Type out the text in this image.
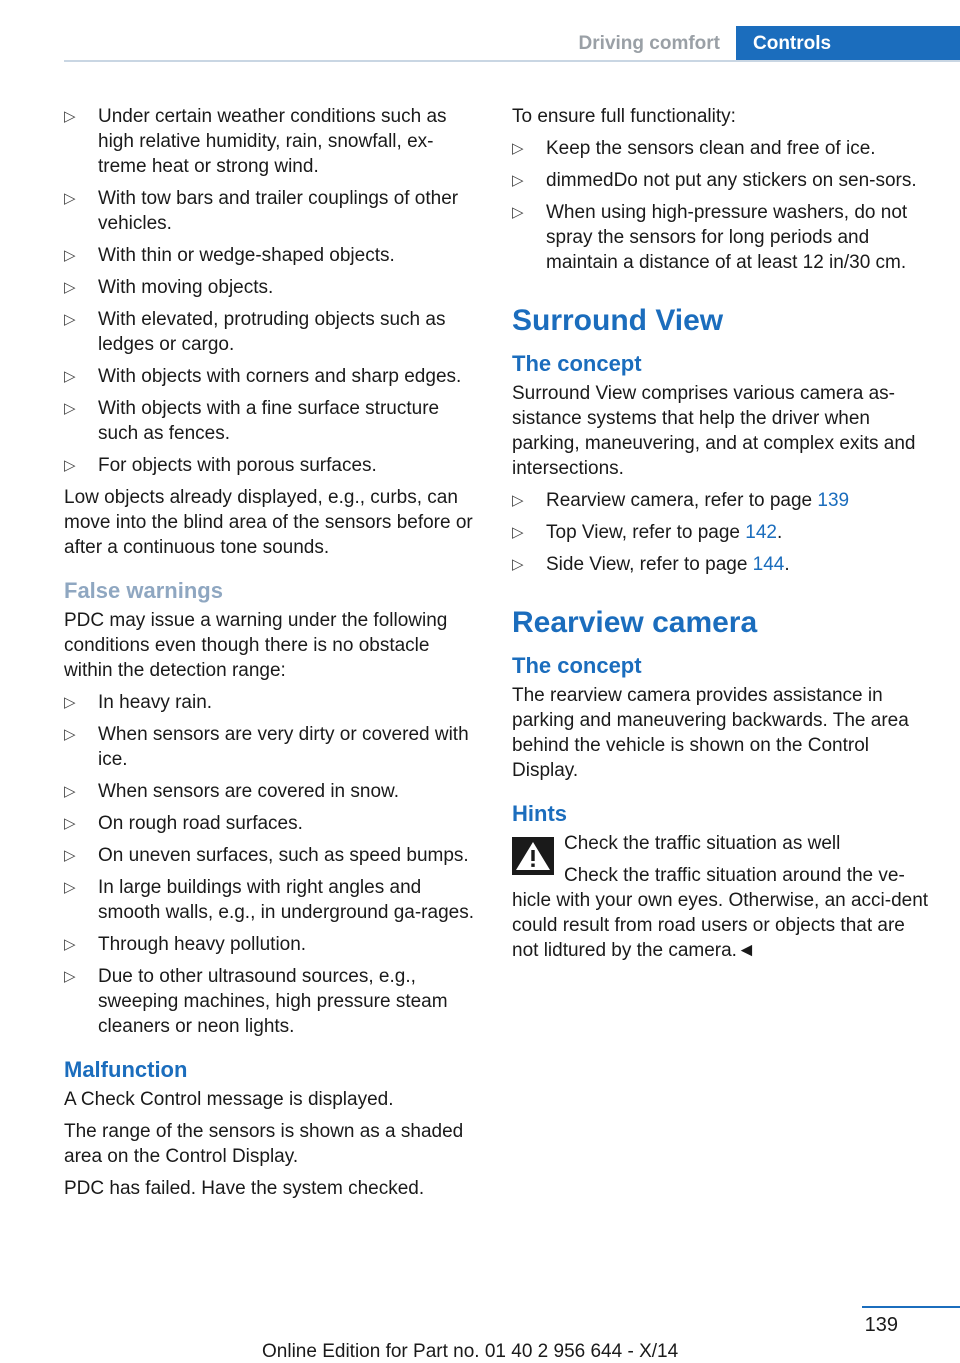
Driving comfort	Controls
▷ Under certain weather conditions such as high relative humidity, rain, snowfall, ex-treme heat or strong wind.
▷ With tow bars and trailer couplings of other vehicles.
▷ With thin or wedge-shaped objects.
▷ With moving objects.
▷ With elevated, protruding objects such as ledges or cargo.
▷ With objects with corners and sharp edges.
▷ With objects with a fine surface structure such as fences.
▷ For objects with porous surfaces.

Low objects already displayed, e.g., curbs, can move into the blind area of the sensors before or after a continuous tone sounds.

False warnings

PDC may issue a warning under the following conditions even though there is no obstacle within the detection range:

▷ In heavy rain.
▷ When sensors are very dirty or covered with ice.
▷ When sensors are covered in snow.
▷ On rough road surfaces.
▷ On uneven surfaces, such as speed bumps.
▷ In large buildings with right angles and smooth walls, e.g., in underground ga-rages.
▷ Through heavy pollution.
▷ Due to other ultrasound sources, e.g., sweeping machines, high pressure steam cleaners or neon lights.
Malfunction

A Check Control message is displayed.

The range of the sensors is shown as a shaded area on the Control Display.

PDC has failed. Have the system checked.

To ensure full functionality:

▷ Keep the sensors clean and free of ice.
▷ dimmedDo not put any stickers on sen-sors.
▷ When using high-pressure washers, do not spray the sensors for long periods and maintain a distance of at least 12 in/30 cm.
Surround View
The concept

Surround View comprises various camera as-sistance systems that help the driver when parking, maneuvering, and at complex exits and intersections.

▷ Rearview camera, refer to page 139
▷ Top View, refer to page 142.
▷ Side View, refer to page 144.
Rearview camera
The concept

The rearview camera provides assistance in parking and maneuvering backwards. The area behind the vehicle is shown on the Control Display.

Hints

Check the traffic situation as well

Check the traffic situation around the ve-hicle with your own eyes. Otherwise, an acci-dent could result from road users or objects that are not lidtured by the camera.◄

139
Online Edition for Part no. 01 40 2 956 644 - X/14
